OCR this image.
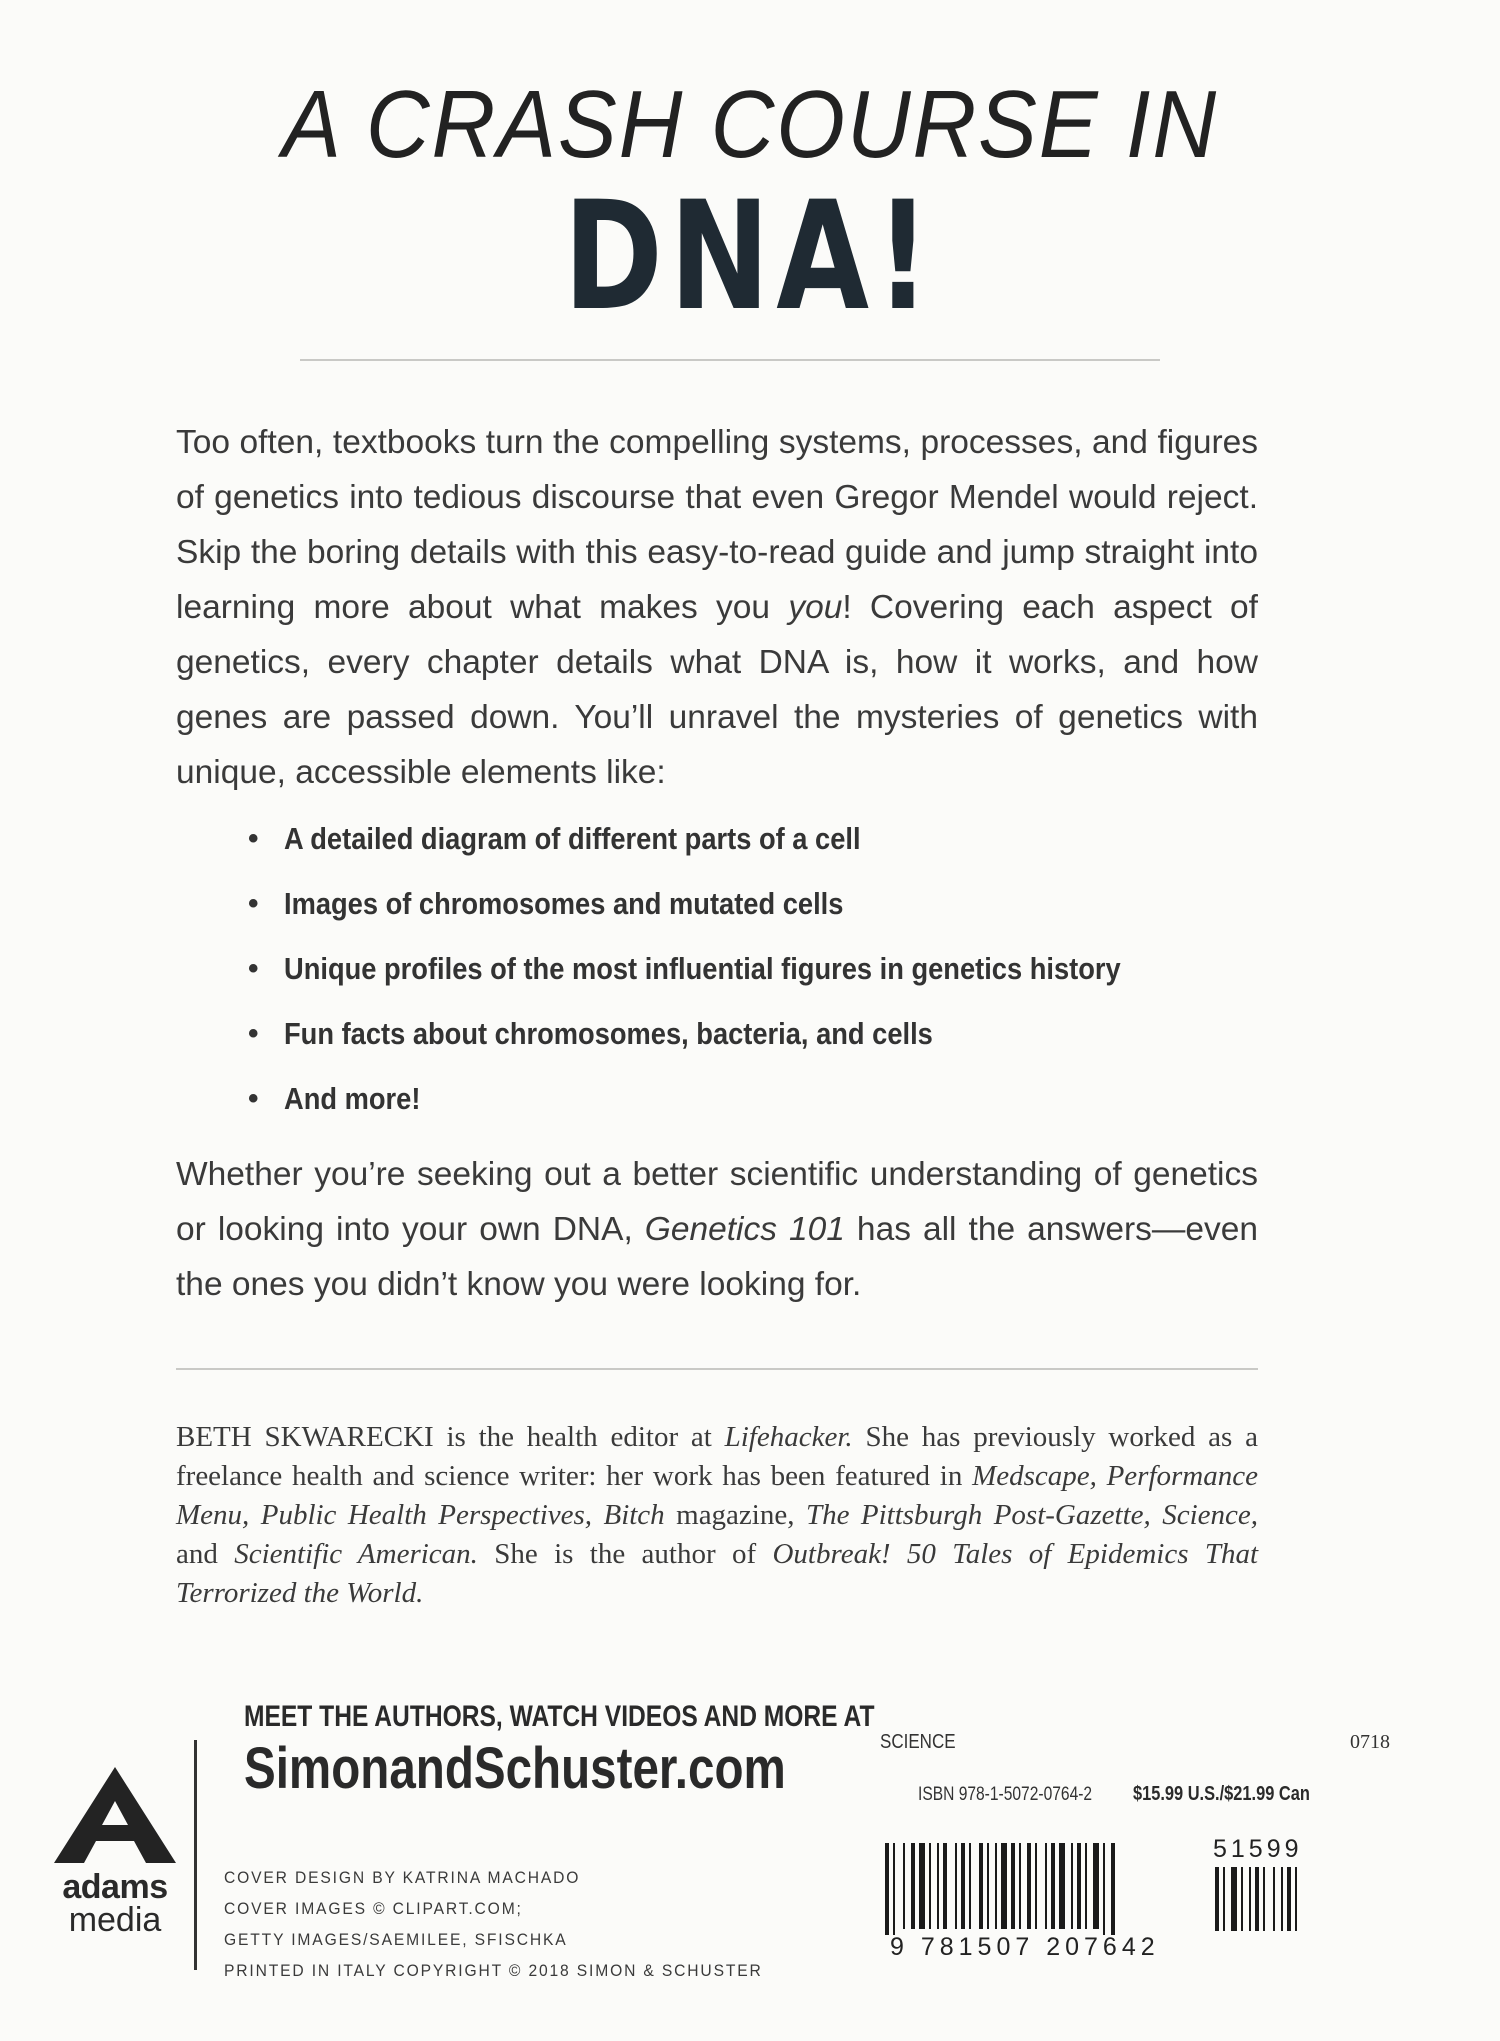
A CRASH COURSE IN
DNA!

Too often, textbooks turn the compelling systems, processes, and figures of genetics into tedious discourse that even Gregor Mendel would reject. Skip the boring details with this easy-to-read guide and jump straight into learning more about what makes you you! Covering each aspect of genetics, every chapter details what DNA is, how it works, and how genes are passed down. You’ll unravel the mysteries of genetics with unique, accessible elements like:

• A detailed diagram of different parts of a cell
• Images of chromosomes and mutated cells
• Unique profiles of the most influential figures in genetics history
• Fun facts about chromosomes, bacteria, and cells
• And more!

Whether you’re seeking out a better scientific understanding of genetics or looking into your own DNA, Genetics 101 has all the answers—even the ones you didn’t know you were looking for.

BETH SKWARECKI is the health editor at Lifehacker. She has previously worked as a freelance health and science writer: her work has been featured in Medscape, Performance Menu, Public Health Perspectives, Bitch magazine, The Pittsburgh Post-Gazette, Science, and Scientific American. She is the author of Outbreak! 50 Tales of Epidemics That Terrorized the World.

MEET THE AUTHORS, WATCH VIDEOS AND MORE AT
SimonandSchuster.com
adams
media
COVER DESIGN BY KATRINA MACHADO
COVER IMAGES © CLIPART.COM;
GETTY IMAGES/SAEMILEE, SFISCHKA
PRINTED IN ITALY COPYRIGHT © 2018 SIMON & SCHUSTER
SCIENCE	0718
ISBN 978-1-5072-0764-2 $15.99 U.S./$21.99 Can
9 781507 207642
51599
